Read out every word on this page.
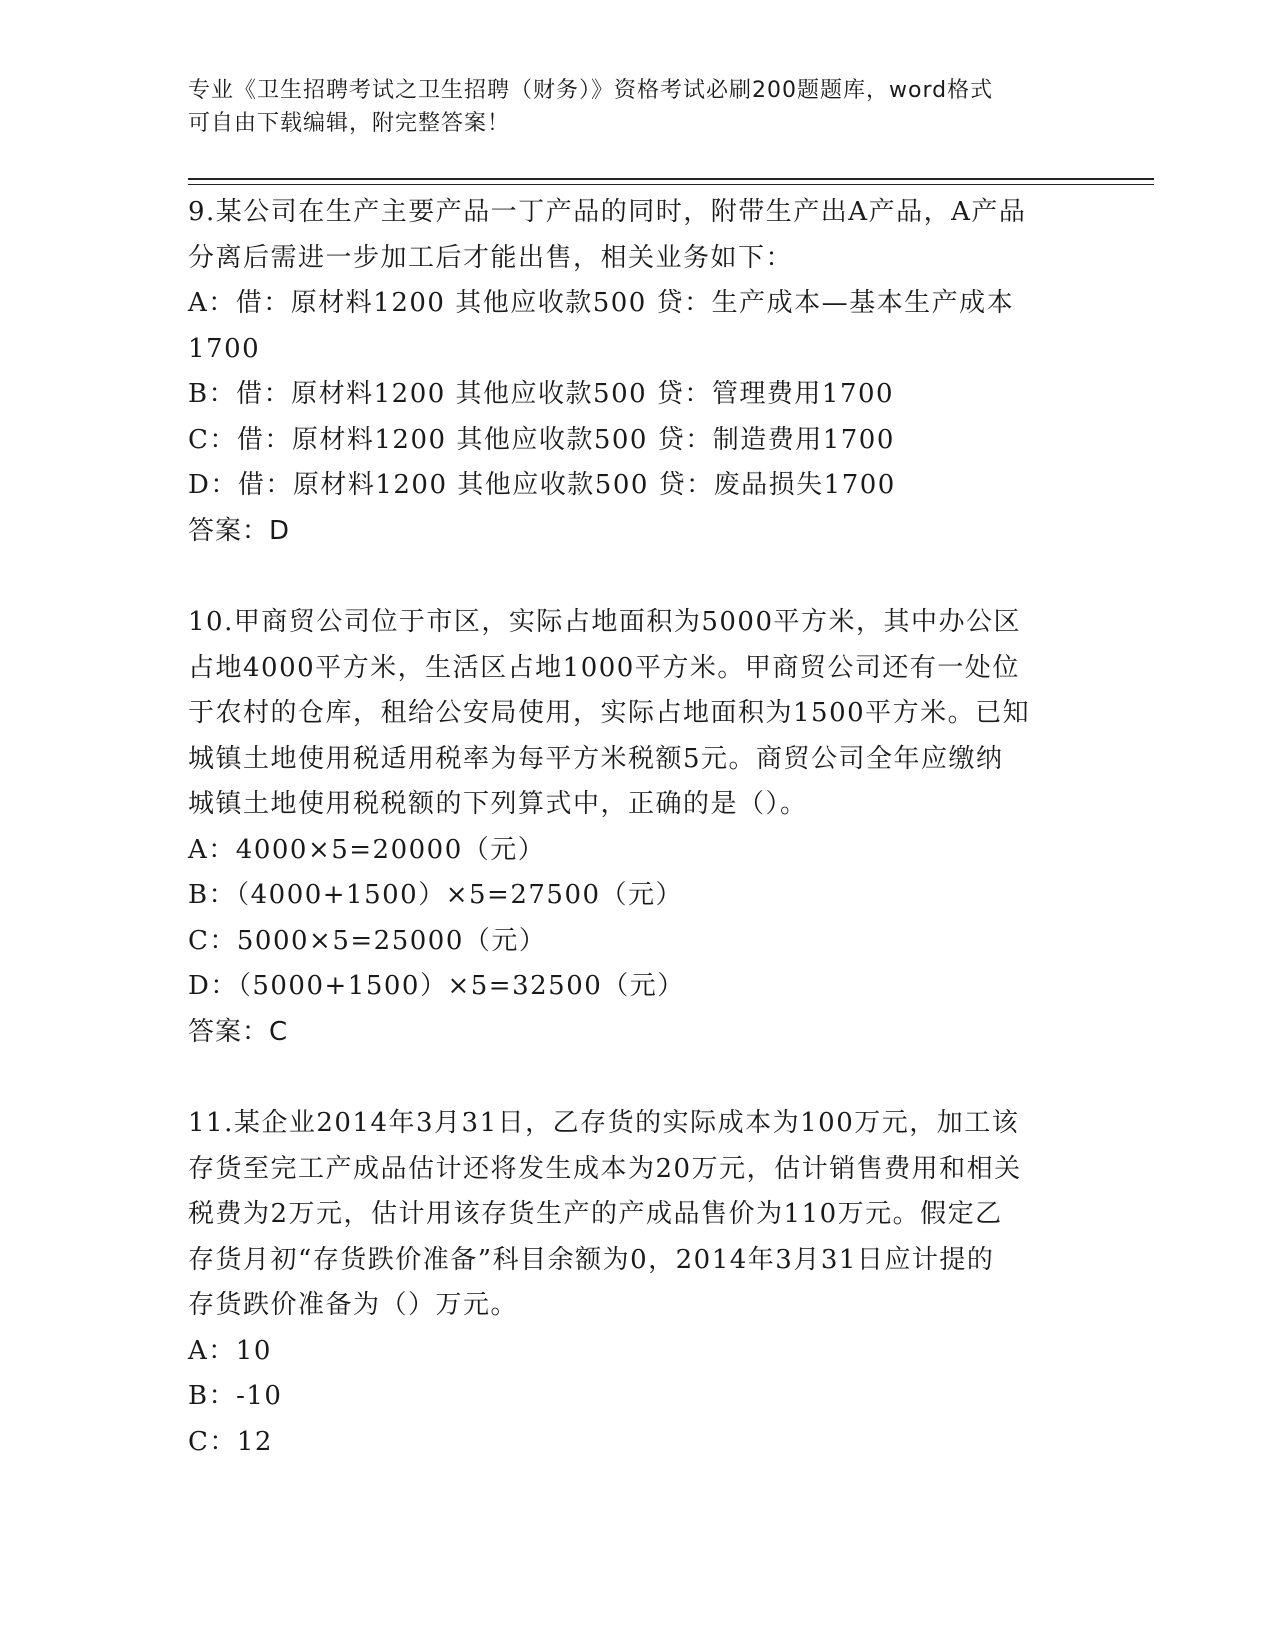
专业《卫生招聘考试之卫生招聘（财务）》资格考试必刷200题题库，word格式
可自由下载编辑，附完整答案！
9.某公司在生产主要产品一丁产品的同时，附带生产出A产品，A产品
分离后需进一步加工后才能出售，相关业务如下：
A：借：原材料1200 其他应收款500 贷：生产成本—基本生产成本
1700
B：借：原材料1200 其他应收款500 贷：管理费用1700
C：借：原材料1200 其他应收款500 贷：制造费用1700
D：借：原材料1200 其他应收款500 贷：废品损失1700
答案：D
10.甲商贸公司位于市区，实际占地面积为5000平方米，其中办公区
占地4000平方米，生活区占地1000平方米。甲商贸公司还有一处位
于农村的仓库，租给公安局使用，实际占地面积为1500平方米。已知
城镇土地使用税适用税率为每平方米税额5元。商贸公司全年应缴纳
城镇土地使用税税额的下列算式中，正确的是（）。
A：4000×5=20000（元）
B：（4000+1500）×5=27500（元）
C：5000×5=25000（元）
D：（5000+1500）×5=32500（元）
答案：C
11.某企业2014年3月31日，乙存货的实际成本为100万元，加工该
存货至完工产成品估计还将发生成本为20万元，估计销售费用和相关
税费为2万元，估计用该存货生产的产成品售价为110万元。假定乙
存货月初“存货跌价准备”科目余额为0，2014年3月31日应计提的
存货跌价准备为（）万元。
A：10
B：-10
C：12
